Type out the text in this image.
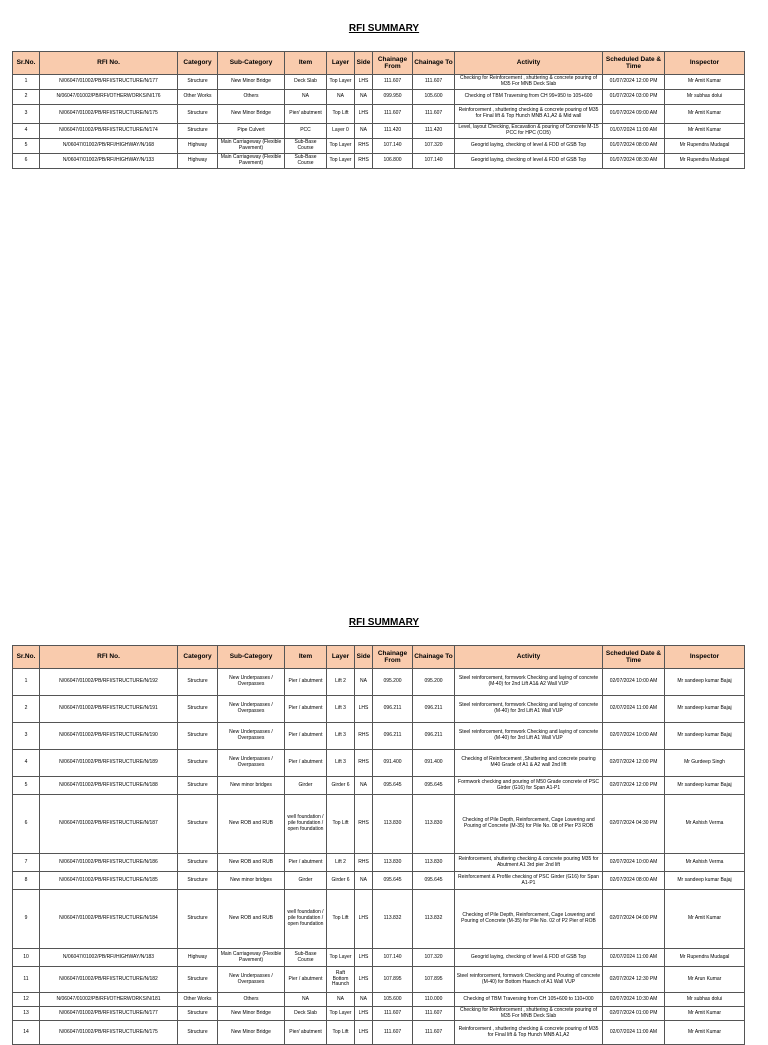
RFI SUMMARY
Sr.No.	RFI No.	Category	Sub-Category	Item	Layer	Side	Chainage From	Chainage To	Activity	Scheduled Date & Time	Inspector
1	N/06047/01002/PB/RFI/STRUCTURE/N/177	Structure	New Minor Bridge	Deck Slab	Top Layer	LHS	111.607	111.607	Checking for Reinforcement , shuttering & concrete pouring of M35 For MNB Deck Slab	01/07/2024 12:00 PM	Mr Amit Kumar
2	N/06047/01002/PB/RFI/OTHERWORKS/N/176	Other Works	Others	NA	NA	NA	099.950	105.600	Checking of TBM Traversing from CH 99+950 to 105+600	01/07/2024 03:00 PM	Mr subhas dolui
3	N/06047/01002/PB/RFI/STRUCTURE/N/175	Structure	New Minor Bridge	Pier/ abutment	Top Lift	LHS	111.607	111.607	Reinforcement , shuttering checking & concrete pouring of M35 for Final lift & Top Hunch MNB A1,A2 & Mid wall	01/07/2024 09:00 AM	Mr Amit Kumar
4	N/06047/01002/PB/RFI/STRUCTURE/N/174	Structure	Pipe Culvert	PCC	Layer 0	NA	111.420	111.420	Level, layout Checking, Excavation & pouring of Concrete M-15 PCC for HPC (CO5)	01/07/2024 11:00 AM	Mr Amit Kumar
5	N/06047/01002/PB/RFI/HIGHWAY/N/168	Highway	Main Carriageway (Flexible Pavement)	Sub-Base Course	Top Layer	RHS	107.140	107.320	Geogrid laying, checking of level & FDD of GSB Top	01/07/2024 08:00 AM	Mr Rupendra Mudagal
6	N/06047/01002/PB/RFI/HIGHWAY/N/133	Highway	Main Carriageway (Flexible Pavement)	Sub-Base Course	Top Layer	RHS	106.800	107.140	Geogrid laying, checking of level & FDD of GSB Top	01/07/2024 08:30 AM	Mr Rupendra Mudagal
RFI SUMMARY
Sr.No.	RFI No.	Category	Sub-Category	Item	Layer	Side	Chainage From	Chainage To	Activity	Scheduled Date & Time	Inspector
1	N/06047/01002/PB/RFI/STRUCTURE/N/192	Structure	New Underpasses / Overpasses	Pier / abutment	Lift 2	NA	095.200	095.200	Steel reinforcement, formwork Checking and laying of concrete (M-40) for 2nd Lift A1& A2 Wall VUP	02/07/2024 10:00 AM	Mr sandeep kumar Bajaj
2	N/06047/01002/PB/RFI/STRUCTURE/N/191	Structure	New Underpasses / Overpasses	Pier / abutment	Lift 3	LHS	096.211	096.211	Steel reinforcement, formwork Checking and laying of concrete (M-40) for 3rd Lift A1 Wall VUP	02/07/2024 11:00 AM	Mr sandeep kumar Bajaj
3	N/06047/01002/PB/RFI/STRUCTURE/N/190	Structure	New Underpasses / Overpasses	Pier / abutment	Lift 3	RHS	096.211	096.211	Steel reinforcement, formwork Checking and laying of concrete (M-40) for 3rd Lift A1 Wall VUP	02/07/2024 10:00 AM	Mr sandeep kumar Bajaj
4	N/06047/01002/PB/RFI/STRUCTURE/N/189	Structure	New Underpasses / Overpasses	Pier / abutment	Lift 3	RHS	091.400	091.400	Checking of Reinforcement ,Shuttering and concrete pouring M40 Grade of A1 & A2 wall 2nd lift	02/07/2024 12:00 PM	Mr Gurdeep Singh
5	N/06047/01002/PB/RFI/STRUCTURE/N/188	Structure	New minor bridges	Girder	Girder 6	NA	095.645	095.645	Formwork checking and pouring of M50 Grade concrete of PSC Girder (G16) for Span A1-P1	02/07/2024 12:00 PM	Mr sandeep kumar Bajaj
6	N/06047/01002/PB/RFI/STRUCTURE/N/187	Structure	New ROB and RUB	well foundation / pile foundation / open foundation	Top Lift	RHS	113.830	113.830	Checking of Pile Depth, Reinforcement, Cage Lowering and Pouring of Concrete (M-35) for Pile No. 08 of Pier P3 ROB	02/07/2024 04:30 PM	Mr Ashish Verma
7	N/06047/01002/PB/RFI/STRUCTURE/N/186	Structure	New ROB and RUB	Pier / abutment	Lift 2	RHS	113.830	113.830	Reinforcement, shuttering checking & concrete pouring M35 for Abutment A1 3rd pier 2nd lift	02/07/2024 10:00 AM	Mr Ashish Verma
8	N/06047/01002/PB/RFI/STRUCTURE/N/185	Structure	New minor bridges	Girder	Girder 6	NA	095.645	095.645	Reinforcement & Profile checking of PSC Girder (G16) for Span A1-P1	02/07/2024 08:00 AM	Mr sandeep kumar Bajaj
9	N/06047/01002/PB/RFI/STRUCTURE/N/184	Structure	New ROB and RUB	well foundation / pile foundation / open foundation	Top Lift	LHS	113.832	113.832	Checking of Pile Depth, Reinforcement, Cage Lowering and Pouring of Concrete (M-35) for Pile No. 02 of P2 Pier of ROB	02/07/2024 04:00 PM	Mr Amit Kumar
10	N/06047/01002/PB/RFI/HIGHWAY/N/183	Highway	Main Carriageway (Flexible Pavement)	Sub-Base Course	Top Layer	LHS	107.140	107.320	Geogrid laying, checking of level & FDD of GSB Top	02/07/2024 11:00 AM	Mr Rupendra Mudagal
11	N/06047/01002/PB/RFI/STRUCTURE/N/182	Structure	New Underpasses / Overpasses	Pier / abutment	Raft Bottom Haunch	LHS	107.895	107.895	Steel reinforcement, formwork Checking and Pouring of concrete (M-40) for Bottom Haunch of A1 Wall VUP	02/07/2024 12:30 PM	Mr Arun Kumar
12	N/06047/01002/PB/RFI/OTHERWORKS/N/181	Other Works	Others	NA	NA	NA	105.600	110.000	Checking of TBM Traversing from CH 105+600 to 110+000	02/07/2024 10:30 AM	Mr subhas dolui
13	N/06047/01002/PB/RFI/STRUCTURE/N/177	Structure	New Minor Bridge	Deck Slab	Top Layer	LHS	111.607	111.607	Checking for Reinforcement , shuttering & concrete pouring of M35 For MNB Deck Slab	02/07/2024 01:00 PM	Mr Amit Kumar
14	N/06047/01002/PB/RFI/STRUCTURE/N/175	Structure	New Minor Bridge	Pier/ abutment	Top Lift	LHS	111.607	111.607	Reinforcement , shuttering checking & concrete pouring of M35 for Final lift & Top Hunch MNB A1,A2	02/07/2024 11:00 AM	Mr Amit Kumar
